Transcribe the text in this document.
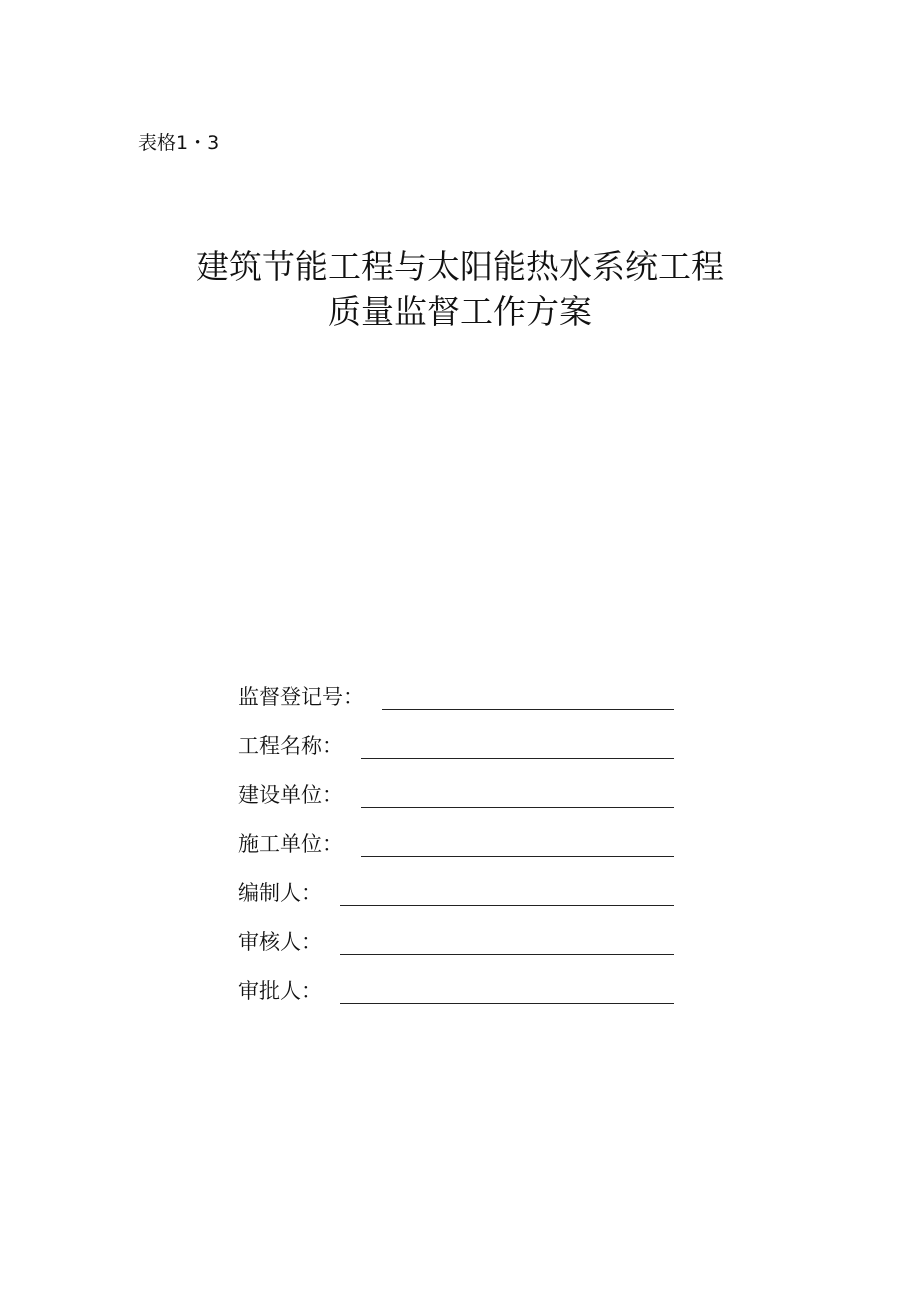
表格1・3
建筑节能工程与太阳能热水系统工程
质量监督工作方案
监督登记号：
工程名称：
建设单位：
施工单位：
编制人：
审核人：
审批人：
